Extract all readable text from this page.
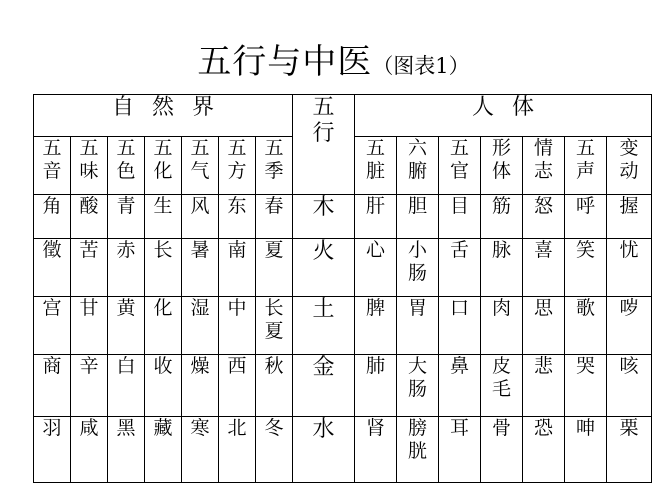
五行与中医（图表1）
自然界							五行	人体						
五音	五味	五色	五化	五气	五方	五季		五脏	六腑	五官	形体	情志	五声	变动
角	酸	青	生	风	东	春	木	肝	胆	目	筋	怒	呼	握
徵	苦	赤	长	暑	南	夏	火	心	小肠	舌	脉	喜	笑	忧
宫	甘	黄	化	湿	中	长夏	土	脾	胃	口	肉	思	歌	哕
商	辛	白	收	燥	西	秋	金	肺	大肠	鼻	皮毛	悲	哭	咳
羽	咸	黑	藏	寒	北	冬	水	肾	膀胱	耳	骨	恐	呻	栗
